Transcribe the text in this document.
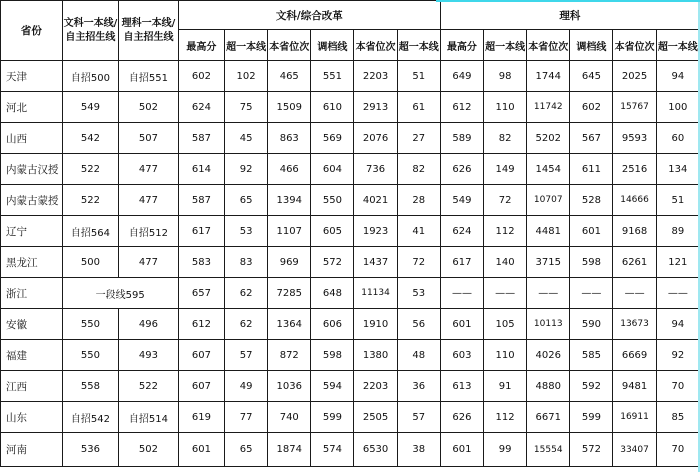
省份	文科一本线/自主招生线	理科一本线/自主招生线	文科/综合改革						理科					
			最高分	超一本线	本省位次	调档线	本省位次	超一本线	最高分	超一本线	本省位次	调档线	本省位次	超一本线
天津	自招500	自招551	602	102	465	551	2203	51	649	98	1744	645	2025	94
河北	549	502	624	75	1509	610	2913	61	612	110	11742	602	15767	100
山西	542	507	587	45	863	569	2076	27	589	82	5202	567	9593	60
内蒙古汉授	522	477	614	92	466	604	736	82	626	149	1454	611	2516	134
内蒙古蒙授	522	477	587	65	1394	550	4021	28	549	72	10707	528	14666	51
辽宁	自招564	自招512	617	53	1107	605	1923	41	624	112	4481	601	9168	89
黑龙江	500	477	583	83	969	572	1437	72	617	140	3715	598	6261	121
浙江	一段线595		657	62	7285	648	11134	53	——	——	——	——	——	——
安徽	550	496	612	62	1364	606	1910	56	601	105	10113	590	13673	94
福建	550	493	607	57	872	598	1380	48	603	110	4026	585	6669	92
江西	558	522	607	49	1036	594	2203	36	613	91	4880	592	9481	70
山东	自招542	自招514	619	77	740	599	2505	57	626	112	6671	599	16911	85
河南	536	502	601	65	1874	574	6530	38	601	99	15554	572	33407	70
